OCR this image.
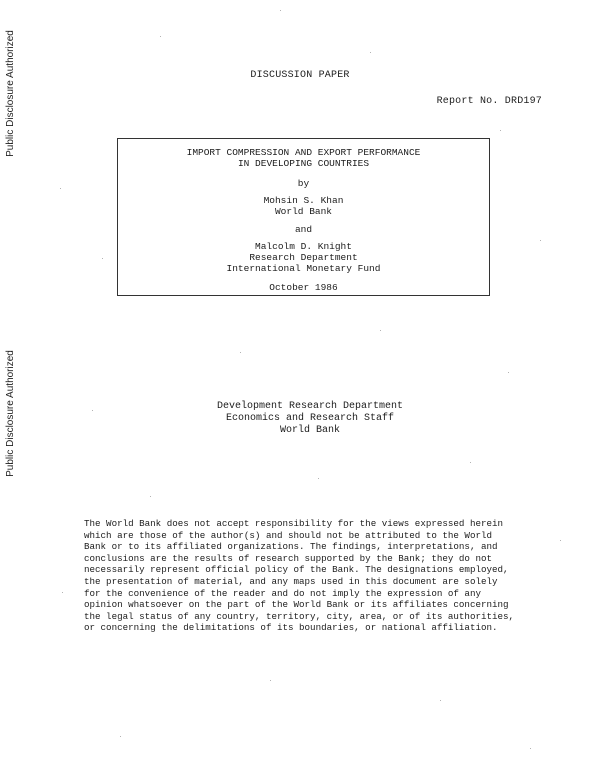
Public Disclosure Authorized
Public Disclosure Authorized
DISCUSSION PAPER
Report No. DRD197
IMPORT COMPRESSION AND EXPORT PERFORMANCE
IN DEVELOPING COUNTRIES
by
Mohsin S. Khan
World Bank
and
Malcolm D. Knight
Research Department
International Monetary Fund
October 1986
Development Research Department
Economics and Research Staff
World Bank
The World Bank does not accept responsibility for the views expressed herein
which are those of the author(s) and should not be attributed to the World
Bank or to its affiliated organizations. The findings, interpretations, and
conclusions are the results of research supported by the Bank; they do not
necessarily represent official policy of the Bank. The designations employed,
the presentation of material, and any maps used in this document are solely
for the convenience of the reader and do not imply the expression of any
opinion whatsoever on the part of the World Bank or its affiliates concerning
the legal status of any country, territory, city, area, or of its authorities,
or concerning the delimitations of its boundaries, or national affiliation.
